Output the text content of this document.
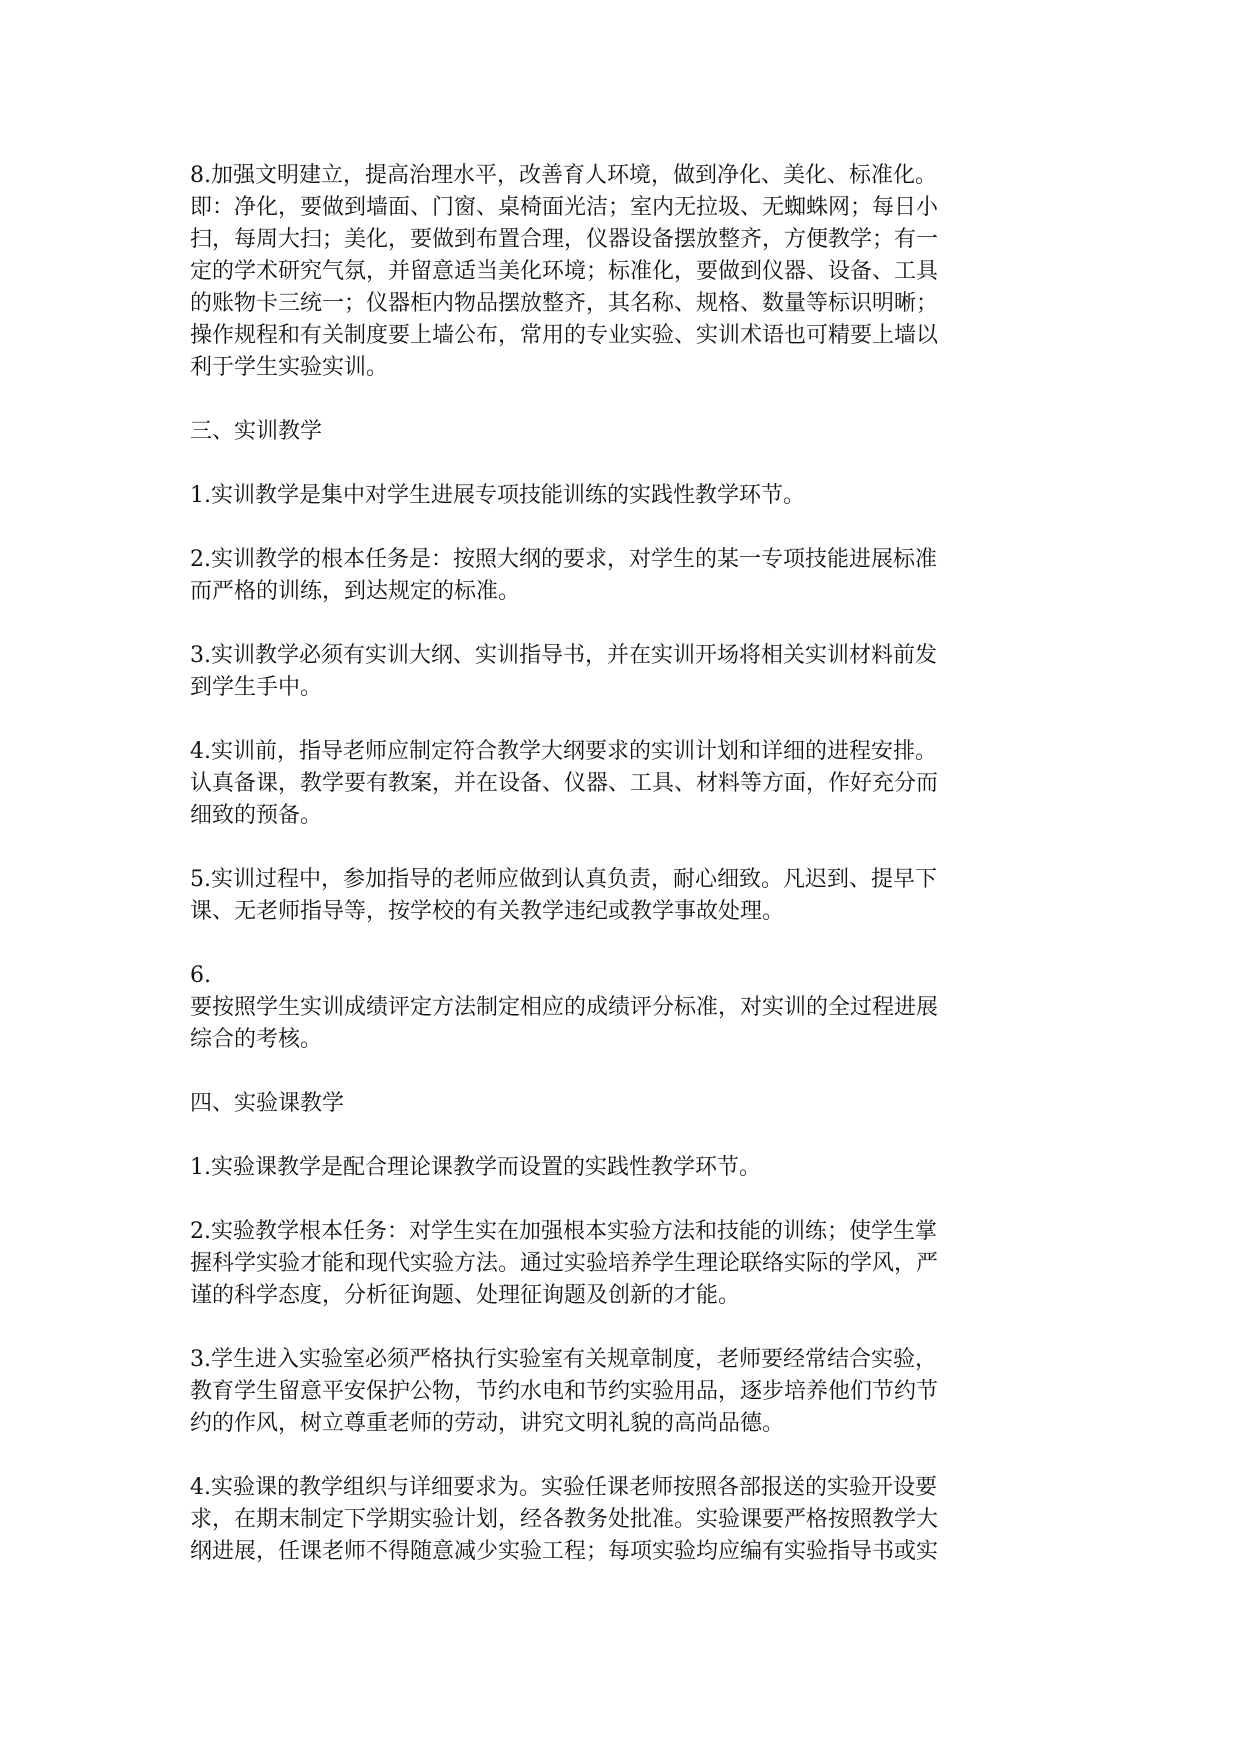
8.加强文明建立，提高治理水平，改善育人环境，做到净化、美化、标准化。

即：净化，要做到墙面、门窗、桌椅面光洁；室内无拉圾、无蜘蛛网；每日小

扫，每周大扫；美化，要做到布置合理，仪器设备摆放整齐，方便教学；有一

定的学术研究气氛，并留意适当美化环境；标准化，要做到仪器、设备、工具

的账物卡三统一；仪器柜内物品摆放整齐，其名称、规格、数量等标识明晰；

操作规程和有关制度要上墙公布，常用的专业实验、实训术语也可精要上墙以

利于学生实验实训。

三、实训教学

1.实训教学是集中对学生进展专项技能训练的实践性教学环节。

2.实训教学的根本任务是：按照大纲的要求，对学生的某一专项技能进展标准

而严格的训练，到达规定的标准。

3.实训教学必须有实训大纲、实训指导书，并在实训开场将相关实训材料前发

到学生手中。

4.实训前，指导老师应制定符合教学大纲要求的实训计划和详细的进程安排。

认真备课，教学要有教案，并在设备、仪器、工具、材料等方面，作好充分而

细致的预备。

5.实训过程中，参加指导的老师应做到认真负责，耐心细致。凡迟到、提早下

课、无老师指导等，按学校的有关教学违纪或教学事故处理。

6.

要按照学生实训成绩评定方法制定相应的成绩评分标准，对实训的全过程进展

综合的考核。

四、实验课教学

1.实验课教学是配合理论课教学而设置的实践性教学环节。

2.实验教学根本任务：对学生实在加强根本实验方法和技能的训练；使学生掌

握科学实验才能和现代实验方法。通过实验培养学生理论联络实际的学风，严

谨的科学态度，分析征询题、处理征询题及创新的才能。

3.学生进入实验室必须严格执行实验室有关规章制度，老师要经常结合实验，

教育学生留意平安保护公物，节约水电和节约实验用品，逐步培养他们节约节

约的作风，树立尊重老师的劳动，讲究文明礼貌的高尚品德。

4.实验课的教学组织与详细要求为。实验任课老师按照各部报送的实验开设要

求，在期末制定下学期实验计划，经各教务处批准。实验课要严格按照教学大

纲进展，任课老师不得随意减少实验工程；每项实验均应编有实验指导书或实
